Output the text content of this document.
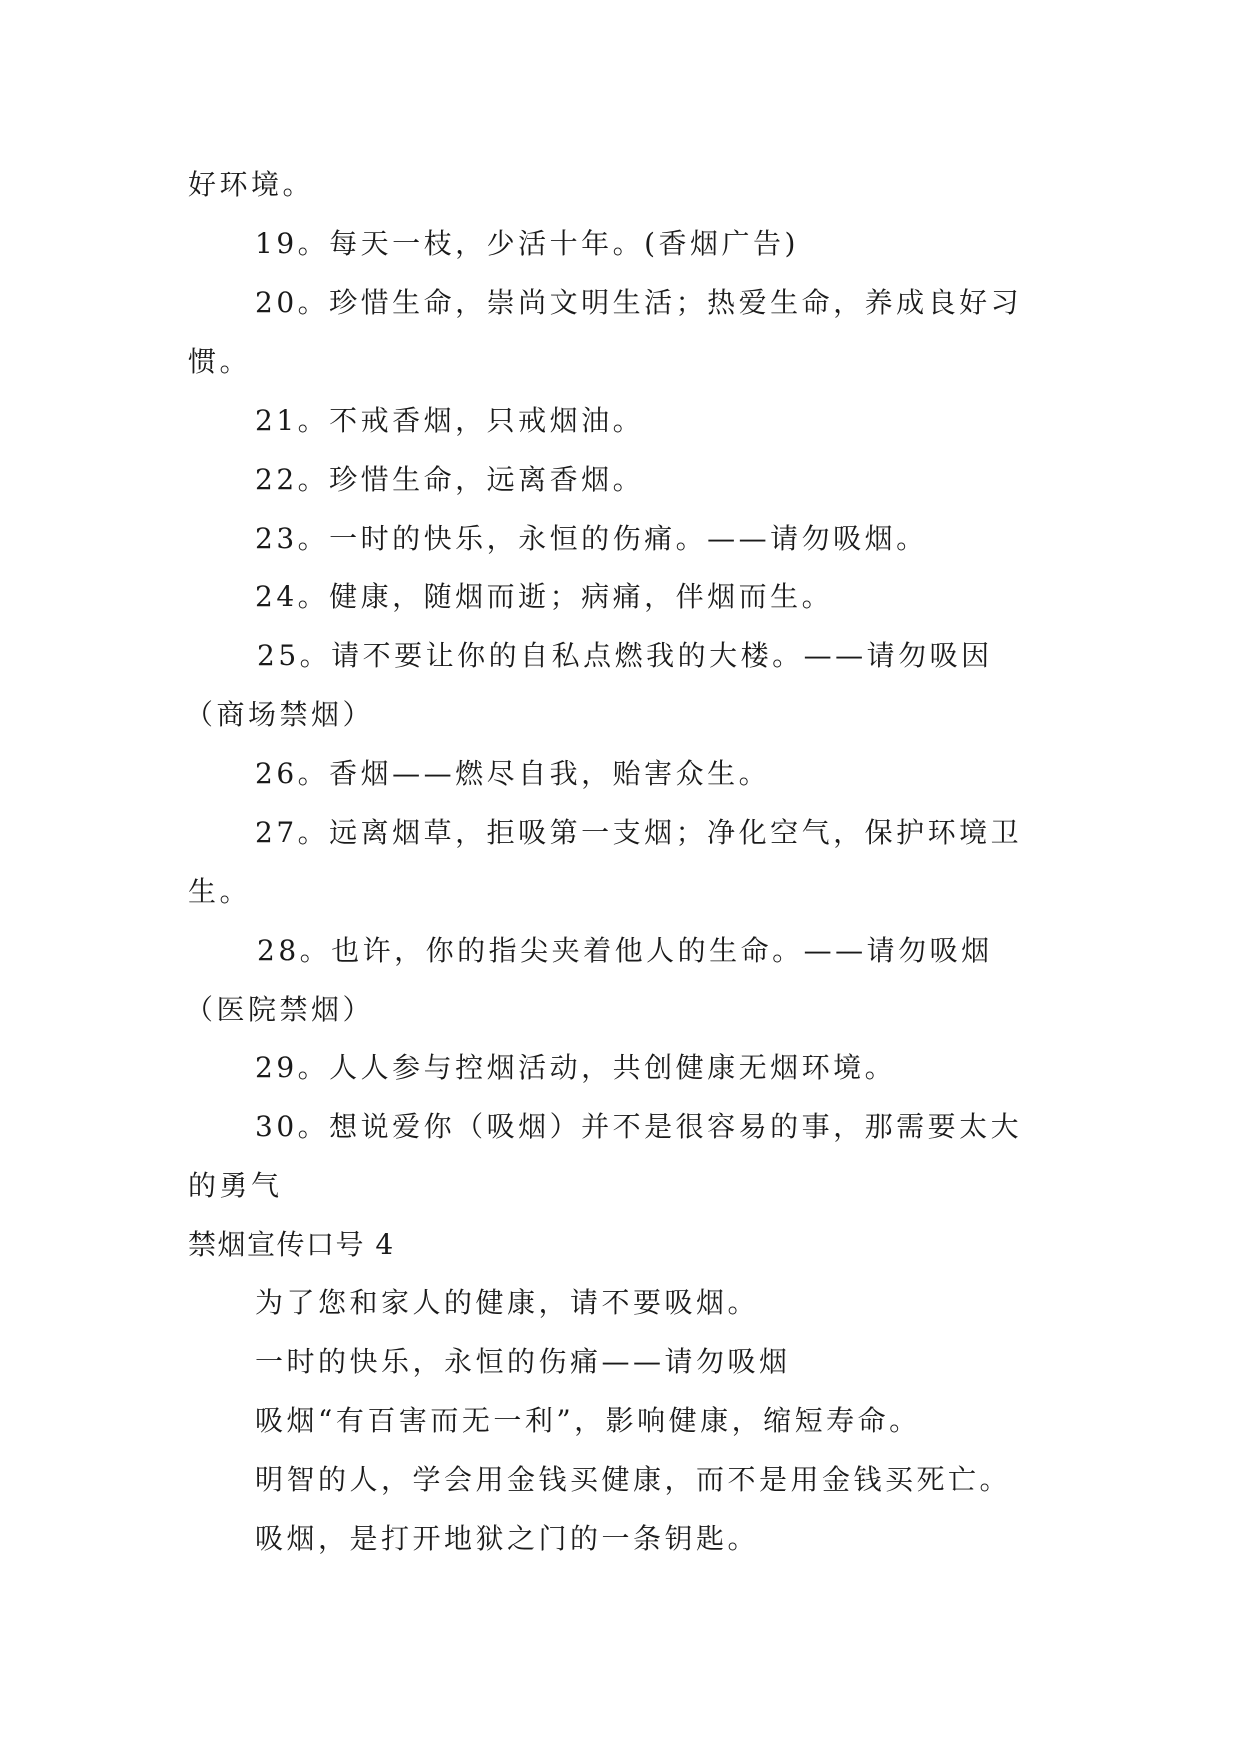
好环境。
19。每天一枝，少活十年。(香烟广告)
20。珍惜生命，崇尚文明生活；热爱生命，养成良好习
惯。
21。不戒香烟，只戒烟油。
22。珍惜生命，远离香烟。
23。一时的快乐，永恒的伤痛。——请勿吸烟。
24。健康，随烟而逝；病痛，伴烟而生。
25。请不要让你的自私点燃我的大楼。——请勿吸因
（商场禁烟）
26。香烟——燃尽自我，贻害众生。
27。远离烟草，拒吸第一支烟；净化空气，保护环境卫
生。
28。也许，你的指尖夹着他人的生命。——请勿吸烟
（医院禁烟）
29。人人参与控烟活动，共创健康无烟环境。
30。想说爱你（吸烟）并不是很容易的事，那需要太大
的勇气
禁烟宣传口号 4
为了您和家人的健康，请不要吸烟。
一时的快乐，永恒的伤痛——请勿吸烟
吸烟“有百害而无一利”，影响健康，缩短寿命。
明智的人，学会用金钱买健康，而不是用金钱买死亡。
吸烟，是打开地狱之门的一条钥匙。
